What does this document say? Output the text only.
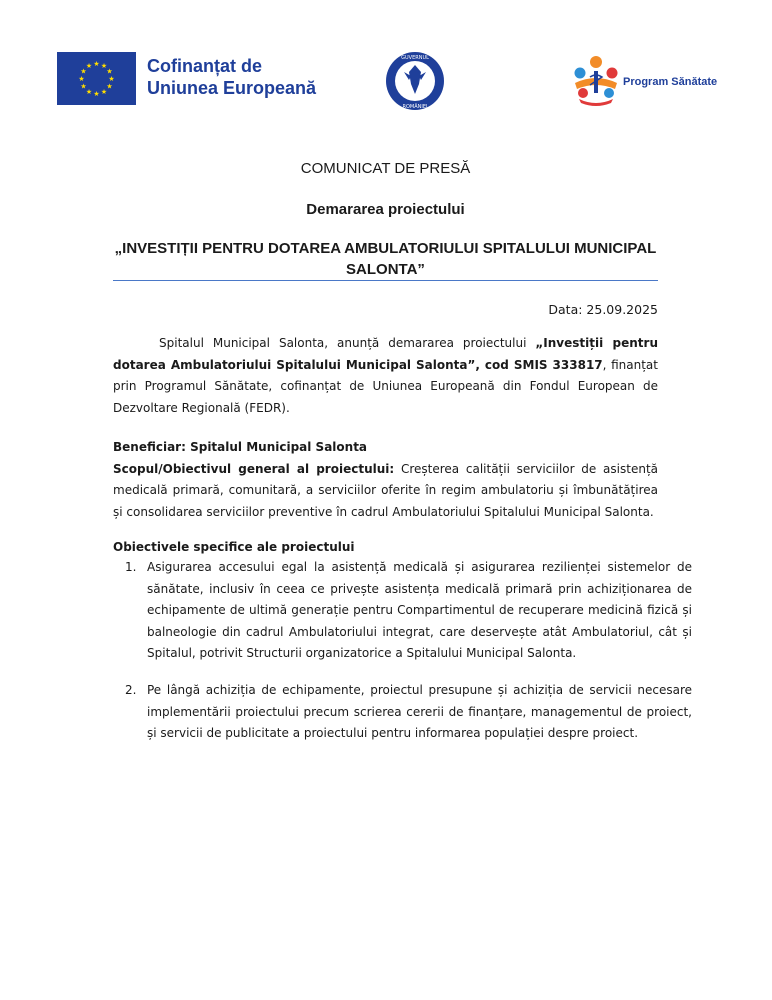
★ ★
★
★
★
★
★
★
★
★
★
★	Cofinanțat de
Uniunea Europeană
GUVERNUL
ROMÂNIEI
Program Sănătate
COMUNICAT DE PRESĂ
Demararea proiectului
„INVESTIȚII PENTRU DOTAREA AMBULATORIULUI SPITALULUI MUNICIPAL SALONTA”
Data: 25.09.2025
Spitalul Municipal Salonta, anunță demararea proiectului „Investiții pentru dotarea Ambulatoriului Spitalului Municipal Salonta”, cod SMIS 333817, finanțat prin Programul Sănătate, cofinanțat de Uniunea Europeană din Fondul European de Dezvoltare Regională (FEDR).
Beneficiar: Spitalul Municipal Salonta
Scopul/Obiectivul general al proiectului: Creșterea calității serviciilor de asistență medicală primară, comunitară, a serviciilor oferite în regim ambulatoriu și îmbunătățirea și consolidarea serviciilor preventive în cadrul Ambulatoriului Spitalului Municipal Salonta.
Obiectivele specifice ale proiectului
1. Asigurarea accesului egal la asistență medicală și asigurarea rezilienței sistemelor de sănătate, inclusiv în ceea ce privește asistența medicală primară prin achiziționarea de echipamente de ultimă generație pentru Compartimentul de recuperare medicină fizică și balneologie din cadrul Ambulatoriului integrat, care deservește atât Ambulatoriul, cât și Spitalul, potrivit Structurii organizatorice a Spitalului Municipal Salonta.
2. Pe lângă achiziția de echipamente, proiectul presupune și achiziția de servicii necesare implementării proiectului precum scrierea cererii de finanțare, managementul de proiect, și servicii de publicitate a proiectului pentru informarea populației despre proiect.
